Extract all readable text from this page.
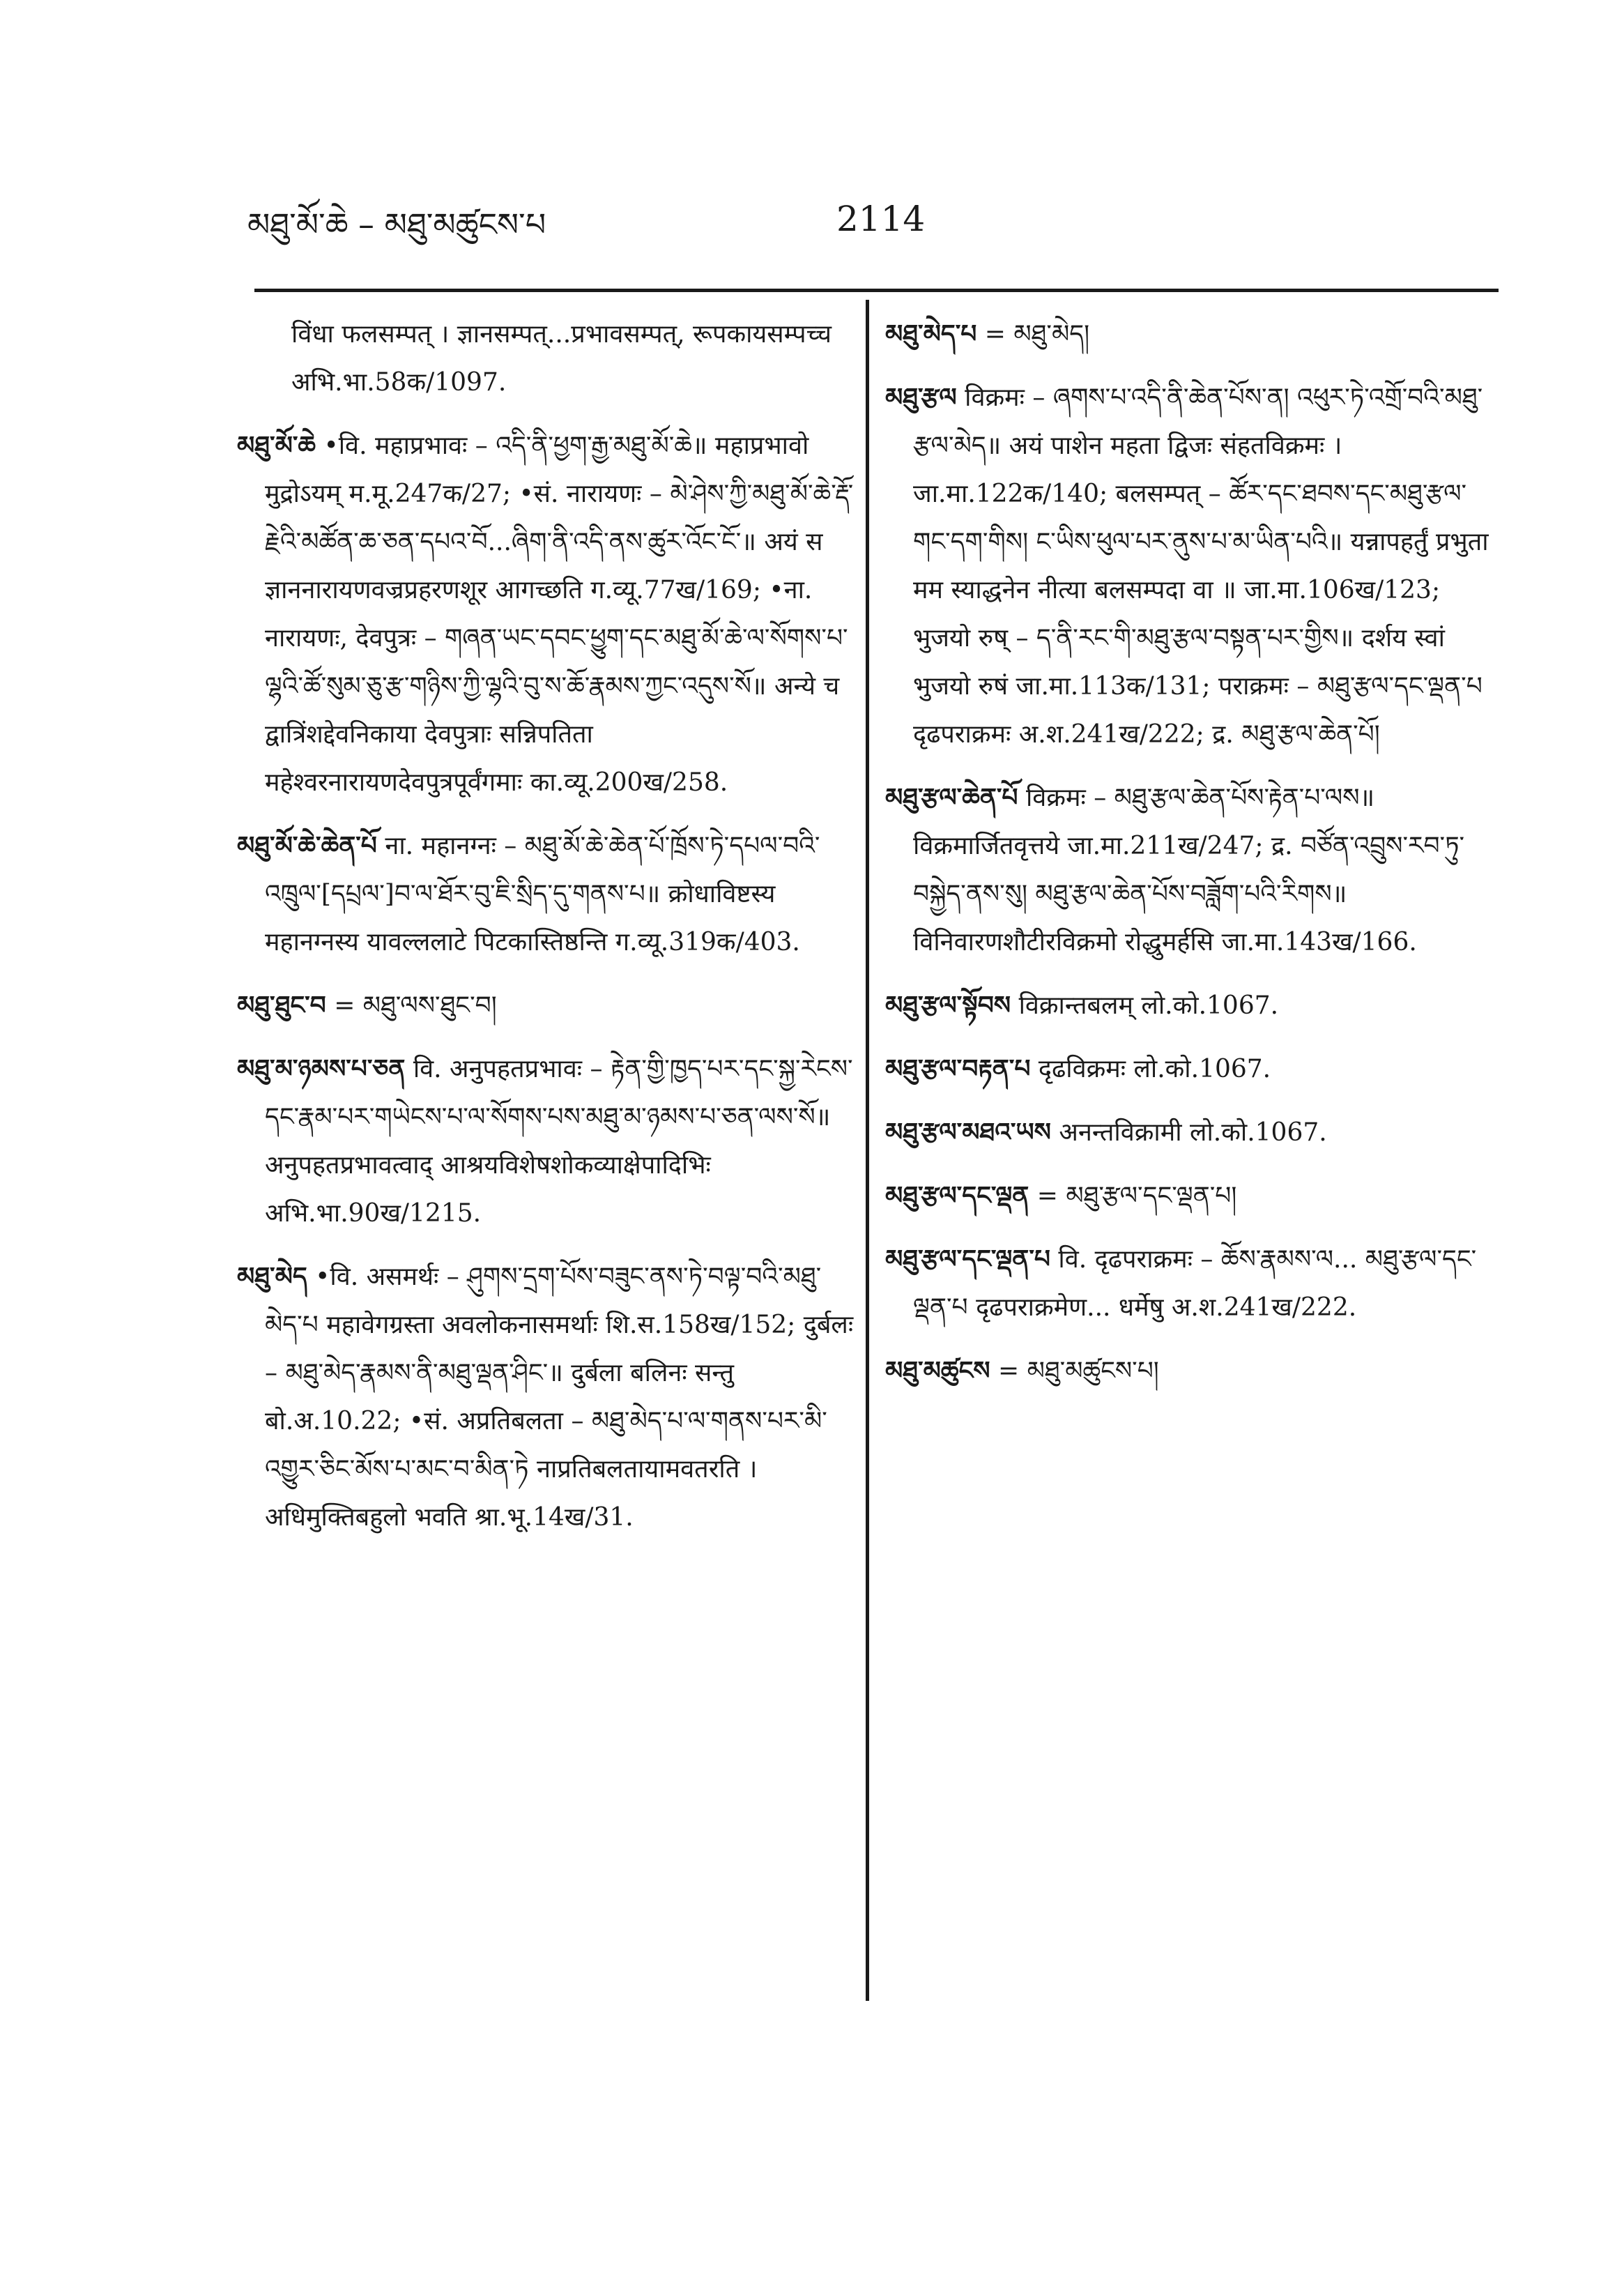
མཐུ་མོ་ཆེ – མཐུ་མཚུངས་པ	2114

विंधा फलसम्पत् । ज्ञानसम्पत्...प्रभावसम्पत्, रूपकायसम्पच्च अभि.भा.58क/1097.

མཐུ་མོ་ཆེ •वि. महाप्रभावः – འདི་ནི་ཕྱག་རྒྱ་མཐུ་མོ་ཆེ॥ महाप्रभावो मुद्रोऽयम् म.मू.247क/27; •सं. नारायणः – མེ་ཤེས་ཀྱི་མཐུ་མོ་ཆེ་རྡོ་རྗེའི་མཚོན་ཆ་ཅན་དཔའ་བོ...ཞིག་ནི་འདི་ནས་ཚུར་འོང་ངོ་॥ अयं स ज्ञाननारायणवज्रप्रहरणशूर आगच्छति ग.व्यू.77ख/169; •ना. नारायणः, देवपुत्रः – གཞན་ཡང་དབང་ཕྱུག་དང་མཐུ་མོ་ཆེ་ལ་སོགས་པ་ལྷའི་ཚོ་སུམ་ཅུ་རྩ་གཉིས་ཀྱི་ལྷའི་བུ་ས་ཆོ་རྣམས་ཀྱང་འདུས་སོ॥ अन्ये च द्वात्रिंशद्देवनिकाया देवपुत्राः सन्निपतिता महेश्वरनारायणदेवपुत्रपूर्वंगमाः का.व्यू.200ख/258.

མཐུ་མོ་ཆེ་ཆེན་པོ ना. महानग्नः – མཐུ་མོ་ཆེ་ཆེན་པོ་ཁྲོས་ཏེ་དཔལ་བའི་འཁྲུལ་[དཔྲལ་]བ་ལ་ཐོར་བུ་ཇི་སྲིད་དུ་གནས་པ॥ क्रोधाविष्टस्य महानग्नस्य यावल्ललाटे पिटकास्तिष्ठन्ति ग.व्यू.319क/403.

མཐུ་ཐུང་བ = མཐུ་ལས་ཐུང་བ།

མཐུ་མ་ཉམས་པ་ཅན वि. अनुपहतप्रभावः – རྟེན་གྱི་ཁྱད་པར་དང་སྐྱ་རེངས་དང་རྣམ་པར་གཡེངས་པ་ལ་སོགས་པས་མཐུ་མ་ཉམས་པ་ཅན་ལས་སོ॥ अनुपहतप्रभावत्वाद् आश्रयविशेषशोकव्याक्षेपादिभिः अभि.भा.90ख/1215.

མཐུ་མེད •वि. असमर्थः – ཤུགས་དྲག་པོས་བཟུང་ནས་ཏེ་བལྟ་བའི་མཐུ་མེད་པ महावेगग्रस्ता अवलोकनासमर्थाः शि.स.158ख/152; दुर्बलः – མཐུ་མེད་རྣམས་ནི་མཐུ་ལྡན་ཤིང་॥ दुर्बला बलिनः सन्तु बो.अ.10.22; •सं. अप्रतिबलता – མཐུ་མེད་པ་ལ་གནས་པར་མི་འགྱུར་ཅིང་མོས་པ་མང་བ་མིན་ཏེ नाप्रतिबलतायामवतरति । अधिमुक्तिबहुलो भवति श्रा.भू.14ख/31.

མཐུ་མེད་པ = མཐུ་མེད།

མཐུ་རྩལ विक्रमः – ཞགས་པ་འདི་ནི་ཆེན་པོས་ན། འཕུར་ཏེ་འགྲོ་བའི་མཐུ་རྩལ་མེད॥ अयं पाशेन महता द्विजः संहतविक्रमः । जा.मा.122क/140; बलसम्पत् – ཚོར་དང་ཐབས་དང་མཐུ་རྩལ་གང་དག་གིས། ང་ཡིས་ཕུལ་པར་ནུས་པ་མ་ཡིན་པའི॥ यन्नापहर्तुं प्रभुता मम स्याद्धनेन नीत्या बलसम्पदा वा ॥ जा.मा.106ख/123; भुजयो रुष् – ད་ནི་རང་གི་མཐུ་རྩལ་བསྟན་པར་གྱིས॥ दर्शय स्वां भुजयो रुषं जा.मा.113क/131; पराक्रमः – མཐུ་རྩལ་དང་ལྡན་པ दृढपराक्रमः अ.श.241ख/222; द्र. མཐུ་རྩལ་ཆེན་པོ།

མཐུ་རྩལ་ཆེན་པོ विक्रमः – མཐུ་རྩལ་ཆེན་པོས་རྟེན་པ་ལས॥ विक्रमार्जितवृत्तये जा.मा.211ख/247; द्र. བཙོན་འབྲུས་རབ་ཏུ་བསྐྱེད་ནས་སུ། མཐུ་རྩལ་ཆེན་པོས་བཟློག་པའི་རིགས॥ विनिवारणशौटीरविक्रमो रोद्धुमर्हसि जा.मा.143ख/166.

མཐུ་རྩལ་སྟོབས विक्रान्तबलम् लो.को.1067.

མཐུ་རྩལ་བརྟན་པ दृढविक्रमः लो.को.1067.

མཐུ་རྩལ་མཐའ་ཡས अनन्तविक्रामी लो.को.1067.

མཐུ་རྩལ་དང་ལྡན = མཐུ་རྩལ་དང་ལྡན་པ།

མཐུ་རྩལ་དང་ལྡན་པ वि. दृढपराक्रमः – ཆོས་རྣམས་ལ... མཐུ་རྩལ་དང་ལྡན་པ दृढपराक्रमेण... धर्मेषु अ.श.241ख/222.

མཐུ་མཚུངས = མཐུ་མཚུངས་པ།
